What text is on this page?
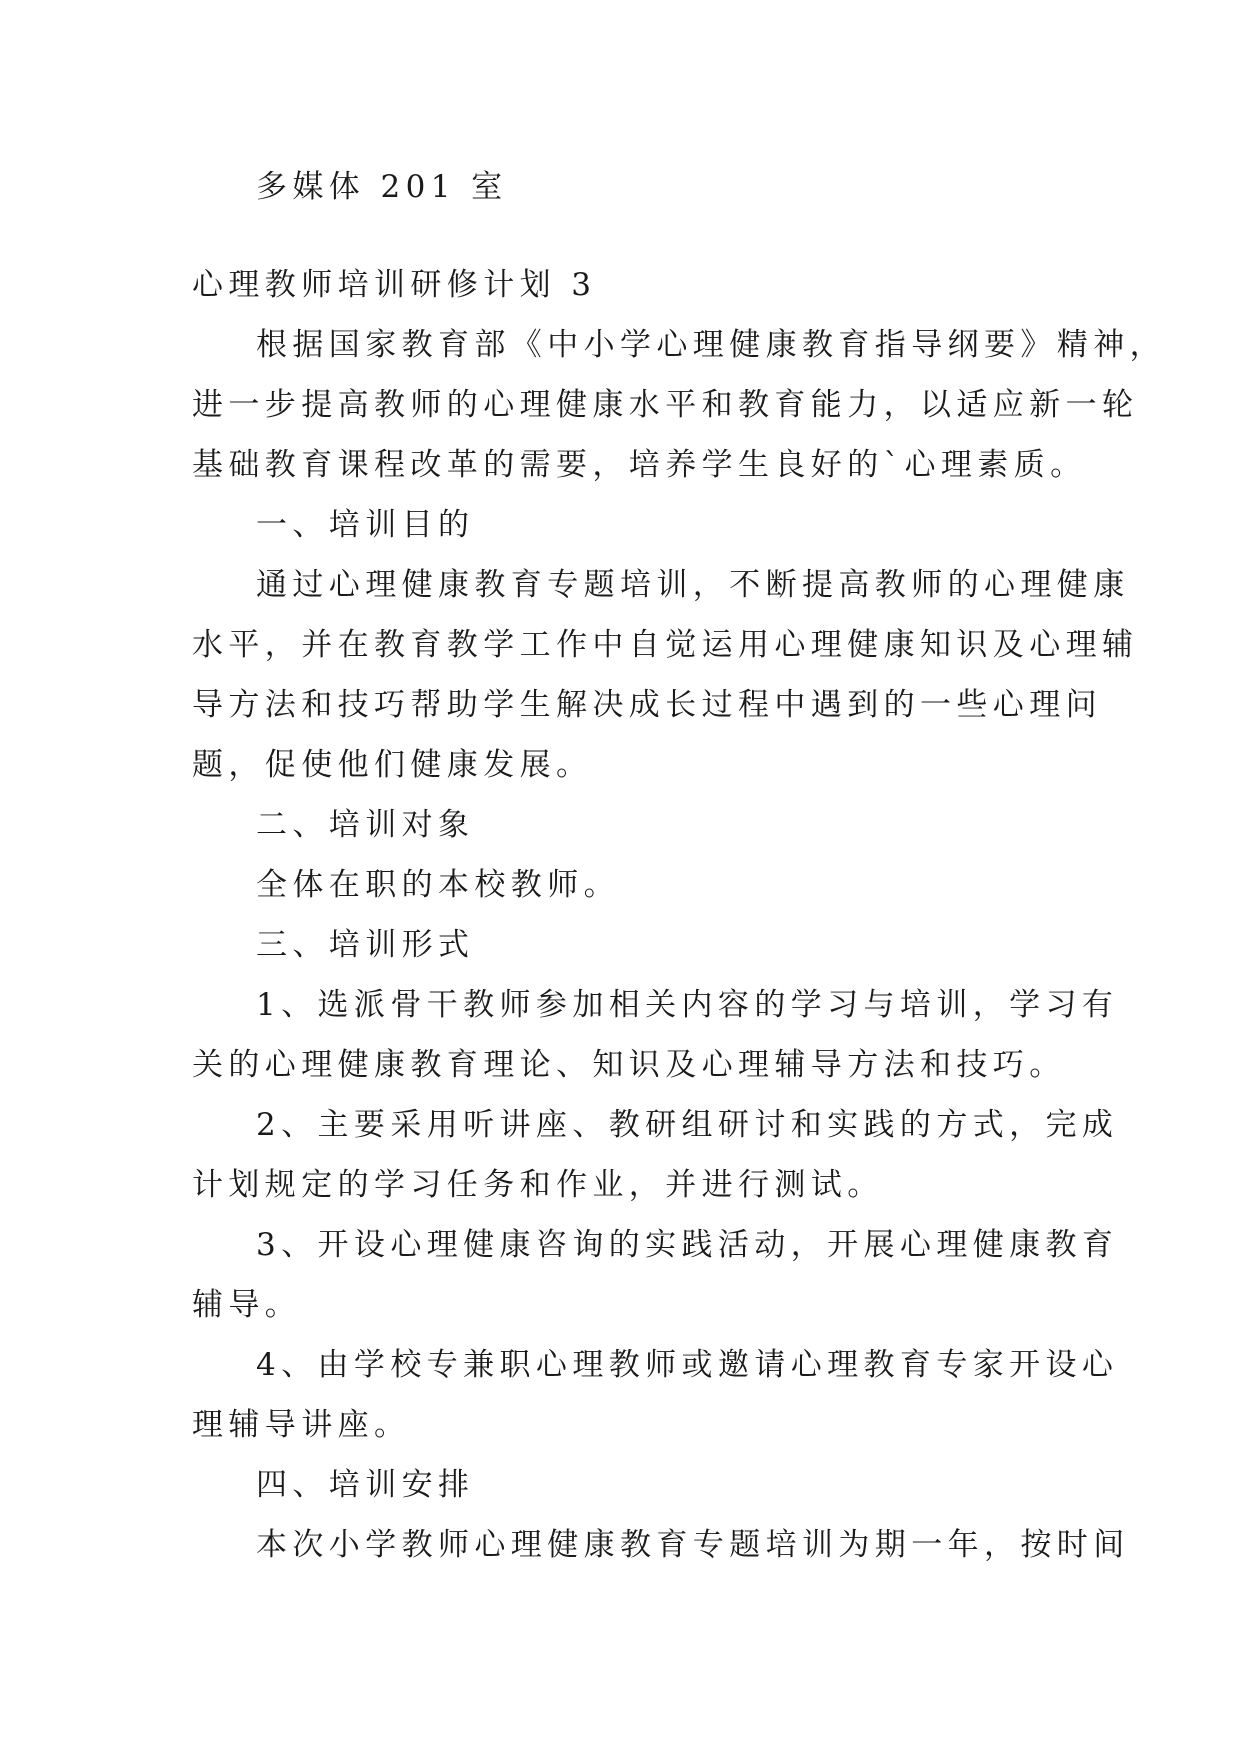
多媒体 201 室
心理教师培训研修计划 3
根据国家教育部《中小学心理健康教育指导纲要》精神，
进一步提高教师的心理健康水平和教育能力，以适应新一轮
基础教育课程改革的需要，培养学生良好的`心理素质。
一、培训目的
通过心理健康教育专题培训，不断提高教师的心理健康
水平，并在教育教学工作中自觉运用心理健康知识及心理辅
导方法和技巧帮助学生解决成长过程中遇到的一些心理问
题，促使他们健康发展。
二、培训对象
全体在职的本校教师。
三、培训形式
1、选派骨干教师参加相关内容的学习与培训，学习有
关的心理健康教育理论、知识及心理辅导方法和技巧。
2、主要采用听讲座、教研组研讨和实践的方式，完成
计划规定的学习任务和作业，并进行测试。
3、开设心理健康咨询的实践活动，开展心理健康教育
辅导。
4、由学校专兼职心理教师或邀请心理教育专家开设心
理辅导讲座。
四、培训安排
本次小学教师心理健康教育专题培训为期一年，按时间
